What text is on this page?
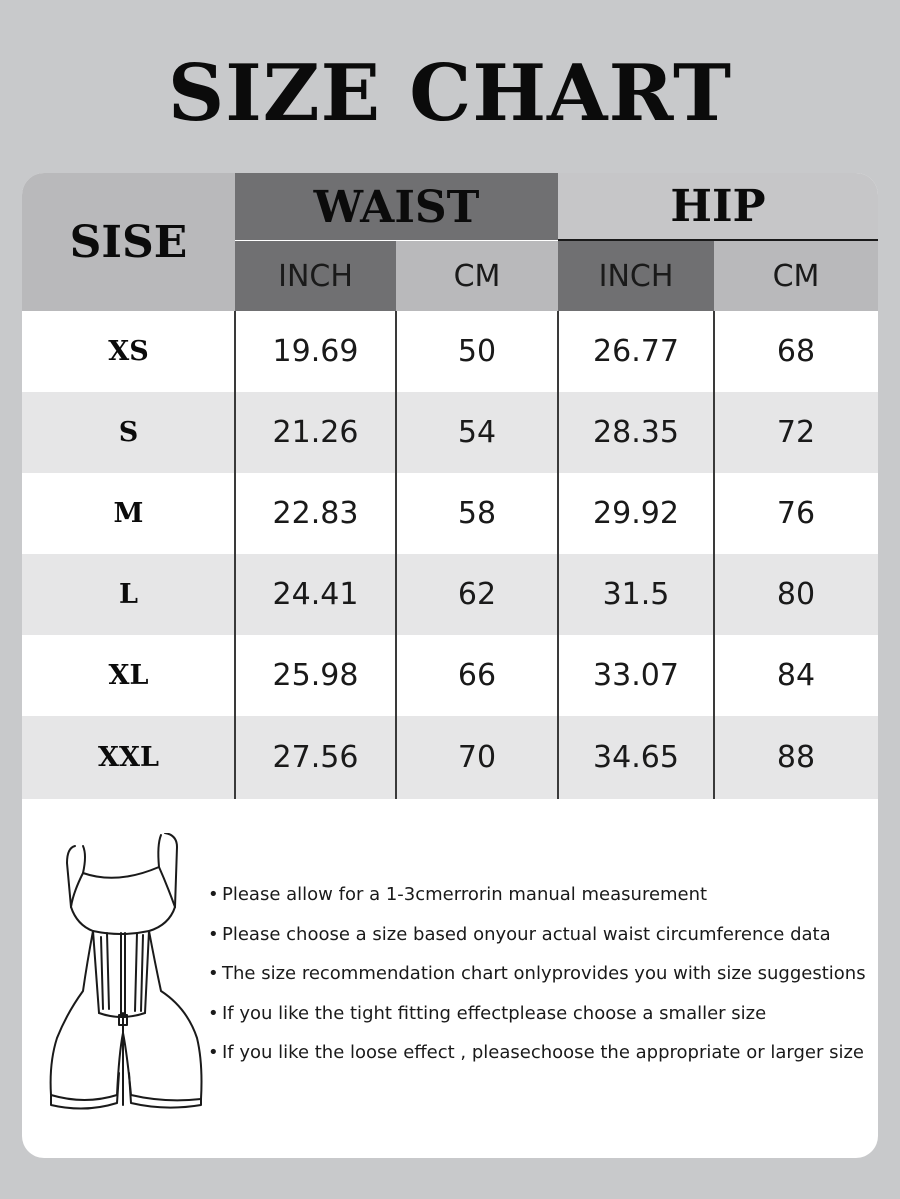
SIZE CHART
SISE
WAIST	HIP
INCH	CM	INCH	CM
XS	19.69	50	26.77	68
S	21.26	54	28.35	72
M	22.83	58	29.92	76
L	24.41	62	31.5	80
XL	25.98	66	33.07	84
XXL	27.56	70	34.65	88
• Please allow for a 1-3cmerrorin manual measurement
• Please choose a size based onyour actual waist circumference data
• The size recommendation chart onlyprovides you with size suggestions
• If you like the tight fitting effectplease choose a smaller size
• If you like the loose effect , pleasechoose the appropriate or larger size
